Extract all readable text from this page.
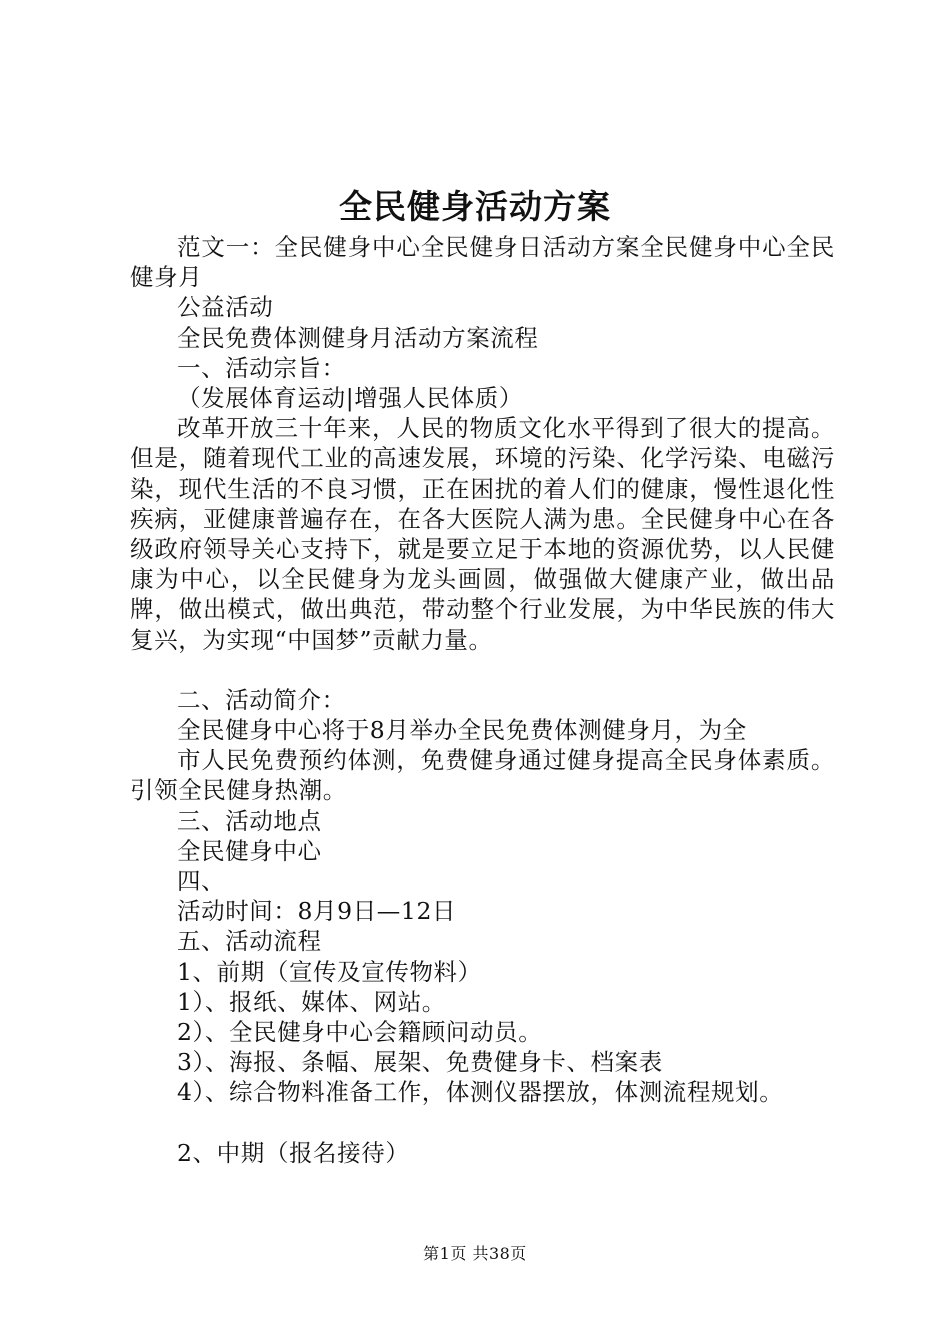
全民健身活动方案

范文一：全民健身中心全民健身日活动方案全民健身中心全民健身月

公益活动

全民免费体测健身月活动方案流程

一、活动宗旨：

（发展体育运动|增强人民体质）

改革开放三十年来，人民的物质文化水平得到了很大的提高。但是，随着现代工业的高速发展，环境的污染、化学污染、电磁污染，现代生活的不良习惯，正在困扰的着人们的健康，慢性退化性疾病，亚健康普遍存在，在各大医院人满为患。全民健身中心在各级政府领导关心支持下，就是要立足于本地的资源优势，以人民健康为中心，以全民健身为龙头画圆，做强做大健康产业，做出品牌，做出模式，做出典范，带动整个行业发展，为中华民族的伟大复兴，为实现“中国梦”贡献力量。

二、活动简介：

全民健身中心将于8月举办全民免费体测健身月，为全

市人民免费预约体测，免费健身通过健身提高全民身体素质。引领全民健身热潮。

三、活动地点

全民健身中心

四、

活动时间：8月9日—12日

五、活动流程

1、前期（宣传及宣传物料）

1）、报纸、媒体、网站。

2）、全民健身中心会籍顾问动员。

3）、海报、条幅、展架、免费健身卡、档案表

4）、综合物料准备工作，体测仪器摆放，体测流程规划。

2、中期（报名接待）

第1页 共38页
